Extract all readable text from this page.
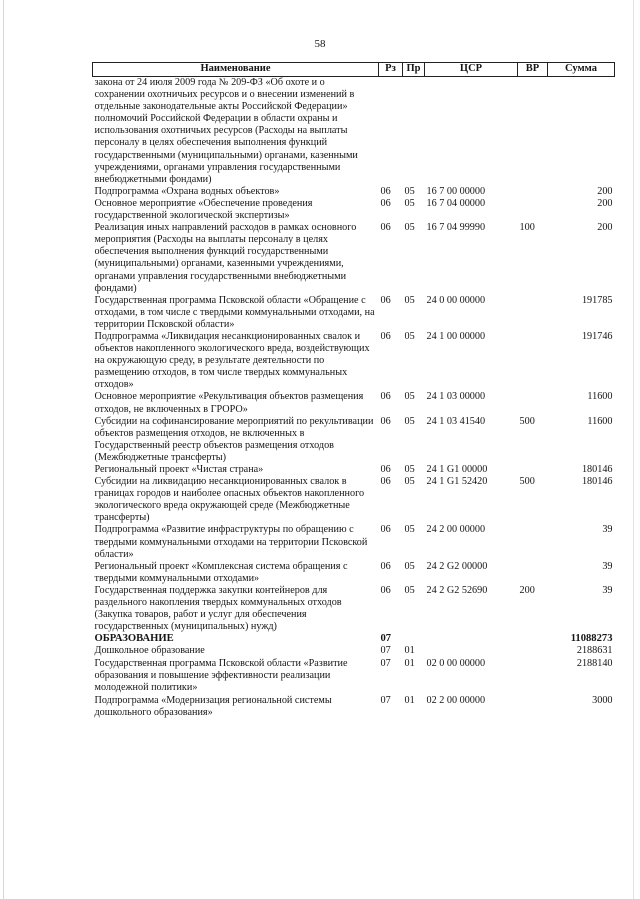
58
Наименование	Рз	Пр	ЦСР	ВР	Сумма
закона от 24 июля 2009 года № 209-ФЗ «Об охоте и о сохранении охотничьих ресурсов и о внесении изменений в отдельные законодательные акты Российской Федерации» полномочий Российской Федерации в области охраны и использования охотничьих ресурсов (Расходы на выплаты персоналу в целях обеспечения выполнения функций государственными (муниципальными) органами, казенными учреждениями, органами управления государственными внебюджетными фондами)					
Подпрограмма «Охрана водных объектов»	06	05	16 7 00 00000		200
Основное мероприятие «Обеспечение проведения государственной экологической экспертизы»	06	05	16 7 04 00000		200
Реализация иных направлений расходов в рамках основного мероприятия (Расходы на выплаты персоналу в целях обеспечения выполнения функций государственными (муниципальными) органами, казенными учреждениями, органами управления государственными внебюджетными фондами)	06	05	16 7 04 99990	100	200
Государственная программа Псковской области «Обращение с отходами, в том числе с твердыми коммунальными отходами, на территории Псковской области»	06	05	24 0 00 00000		191785
Подпрограмма «Ликвидация несанкционированных свалок и объектов накопленного экологического вреда, воздействующих на окружающую среду, в результате деятельности по размещению отходов, в том числе твердых коммунальных отходов»	06	05	24 1 00 00000		191746
Основное мероприятие «Рекультивация объектов размещения отходов, не включенных в ГРОРО»	06	05	24 1 03 00000		11600
Субсидии на софинансирование мероприятий по рекультивации объектов размещения отходов, не включенных в Государственный реестр объектов размещения отходов (Межбюджетные трансферты)	06	05	24 1 03 41540	500	11600
Региональный проект «Чистая страна»	06	05	24 1 G1 00000		180146
Субсидии на ликвидацию несанкционированных свалок в границах городов и наиболее опасных объектов накопленного экологического вреда окружающей среде (Межбюджетные трансферты)	06	05	24 1 G1 52420	500	180146
Подпрограмма «Развитие инфраструктуры по обращению с твердыми коммунальными отходами на территории Псковской области»	06	05	24 2 00 00000		39
Региональный проект «Комплексная система обращения с твердыми коммунальными отходами»	06	05	24 2 G2 00000		39
Государственная поддержка закупки контейнеров для раздельного накопления твердых коммунальных отходов (Закупка товаров, работ и услуг для обеспечения государственных (муниципальных) нужд)	06	05	24 2 G2 52690	200	39
ОБРАЗОВАНИЕ	07				11088273
Дошкольное образование	07	01			2188631
Государственная программа Псковской области «Развитие образования и повышение эффективности реализации молодежной политики»	07	01	02 0 00 00000		2188140
Подпрограмма «Модернизация региональной системы дошкольного образования»	07	01	02 2 00 00000		3000
